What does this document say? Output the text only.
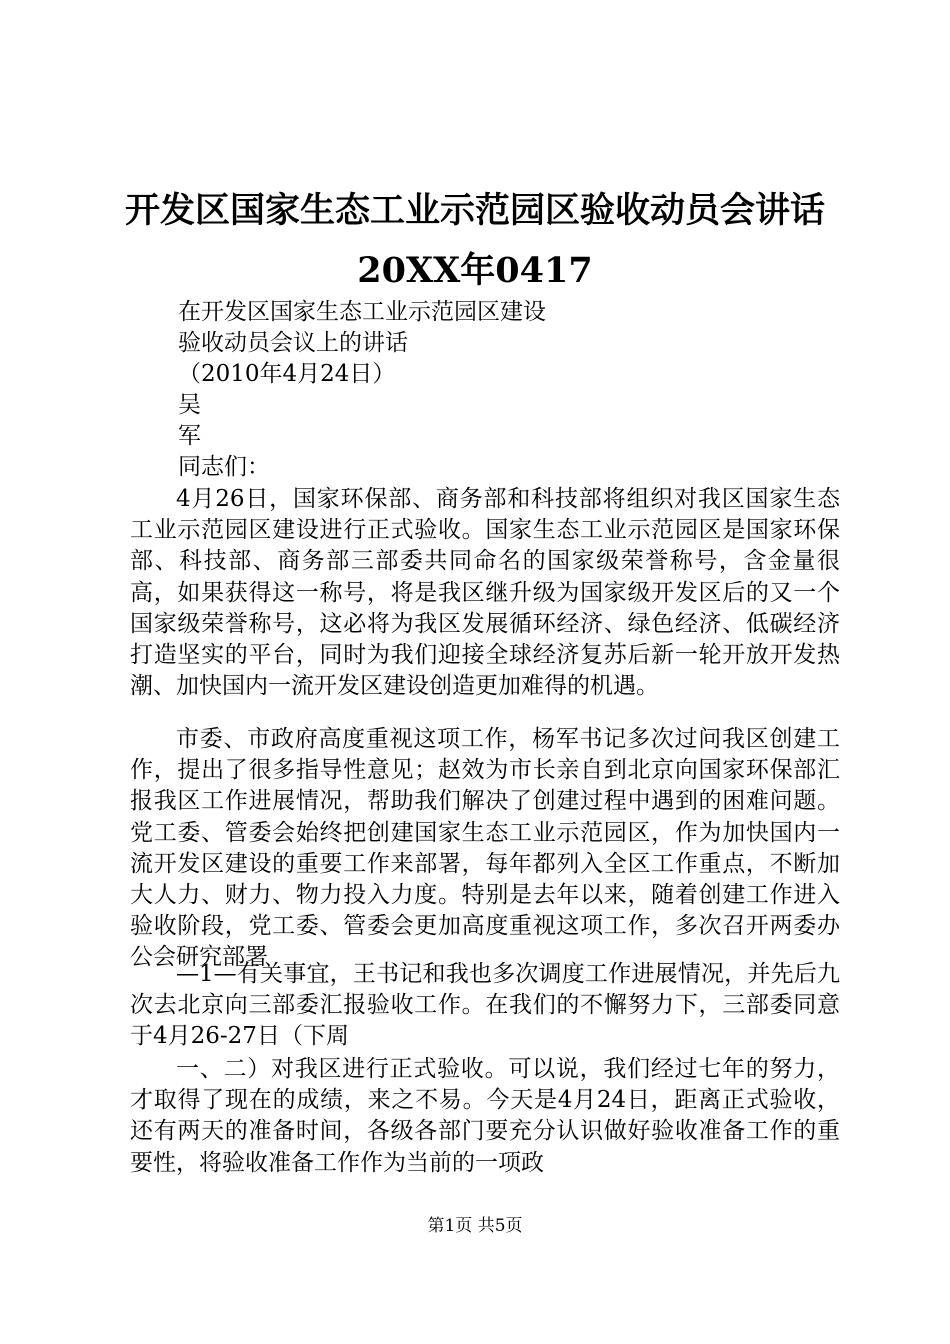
开发区国家生态工业示范园区验收动员会讲话
20XX年0417

在开发区国家生态工业示范园区建设

验收动员会议上的讲话

（2010年4月24日）

吴

军

同志们：

4月26日，国家环保部、商务部和科技部将组织对我区国家生态工业示范园区建设进行正式验收。国家生态工业示范园区是国家环保部、科技部、商务部三部委共同命名的国家级荣誉称号，含金量很高，如果获得这一称号，将是我区继升级为国家级开发区后的又一个国家级荣誉称号，这必将为我区发展循环经济、绿色经济、低碳经济打造坚实的平台，同时为我们迎接全球经济复苏后新一轮开放开发热潮、加快国内一流开发区建设创造更加难得的机遇。

市委、市政府高度重视这项工作，杨军书记多次过问我区创建工作，提出了很多指导性意见；赵效为市长亲自到北京向国家环保部汇报我区工作进展情况，帮助我们解决了创建过程中遇到的困难问题。党工委、管委会始终把创建国家生态工业示范园区，作为加快国内一流开发区建设的重要工作来部署，每年都列入全区工作重点，不断加大人力、财力、物力投入力度。特别是去年以来，随着创建工作进入验收阶段，党工委、管委会更加高度重视这项工作，多次召开两委办公会研究部署

—1—有关事宜，王书记和我也多次调度工作进展情况，并先后九次去北京向三部委汇报验收工作。在我们的不懈努力下，三部委同意于4月26-27日（下周

一、二）对我区进行正式验收。可以说，我们经过七年的努力，才取得了现在的成绩，来之不易。今天是4月24日，距离正式验收，还有两天的准备时间，各级各部门要充分认识做好验收准备工作的重要性，将验收准备工作作为当前的一项政

第1页 共5页
